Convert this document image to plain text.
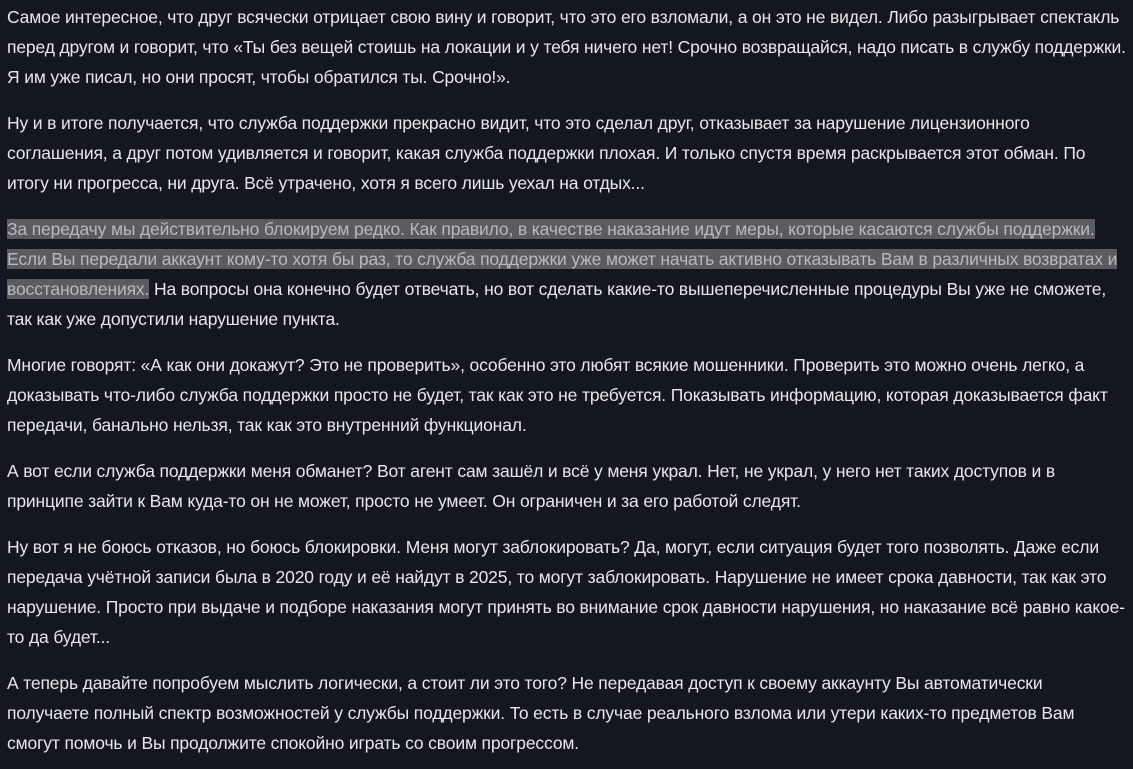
Самое интересное, что друг всячески отрицает свою вину и говорит, что это его взломали, а он это не видел. Либо разыгрывает спектакль перед другом и говорит, что «Ты без вещей стоишь на локации и у тебя ничего нет! Срочно возвращайся, надо писать в службу поддержки. Я им уже писал, но они просят, чтобы обратился ты. Срочно!».

Ну и в итоге получается, что служба поддержки прекрасно видит, что это сделал друг, отказывает за нарушение лицензионного соглашения, а друг потом удивляется и говорит, какая служба поддержки плохая. И только спустя время раскрывается этот обман. По итогу ни прогресса, ни друга. Всё утрачено, хотя я всего лишь уехал на отдых...

За передачу мы действительно блокируем редко. Как правило, в качестве наказание идут меры, которые касаются службы поддержки. Если Вы передали аккаунт кому-то хотя бы раз, то служба поддержки уже может начать активно отказывать Вам в различных возвратах и восстановлениях. На вопросы она конечно будет отвечать, но вот сделать какие-то вышеперечисленные процедуры Вы уже не сможете, так как уже допустили нарушение пункта.

Многие говорят: «А как они докажут? Это не проверить», особенно это любят всякие мошенники. Проверить это можно очень легко, а доказывать что-либо служба поддержки просто не будет, так как это не требуется. Показывать информацию, которая доказывается факт передачи, банально нельзя, так как это внутренний функционал.

А вот если служба поддержки меня обманет? Вот агент сам зашёл и всё у меня украл. Нет, не украл, у него нет таких доступов и в принципе зайти к Вам куда-то он не может, просто не умеет. Он ограничен и за его работой следят.

Ну вот я не боюсь отказов, но боюсь блокировки. Меня могут заблокировать? Да, могут, если ситуация будет того позволять. Даже если передача учётной записи была в 2020 году и её найдут в 2025, то могут заблокировать. Нарушение не имеет срока давности, так как это нарушение. Просто при выдаче и подборе наказания могут принять во внимание срок давности нарушения, но наказание всё равно какое-то да будет...

А теперь давайте попробуем мыслить логически, а стоит ли это того? Не передавая доступ к своему аккаунту Вы автоматически получаете полный спектр возможностей у службы поддержки. То есть в случае реального взлома или утери каких-то предметов Вам смогут помочь и Вы продолжите спокойно играть со своим прогрессом.
